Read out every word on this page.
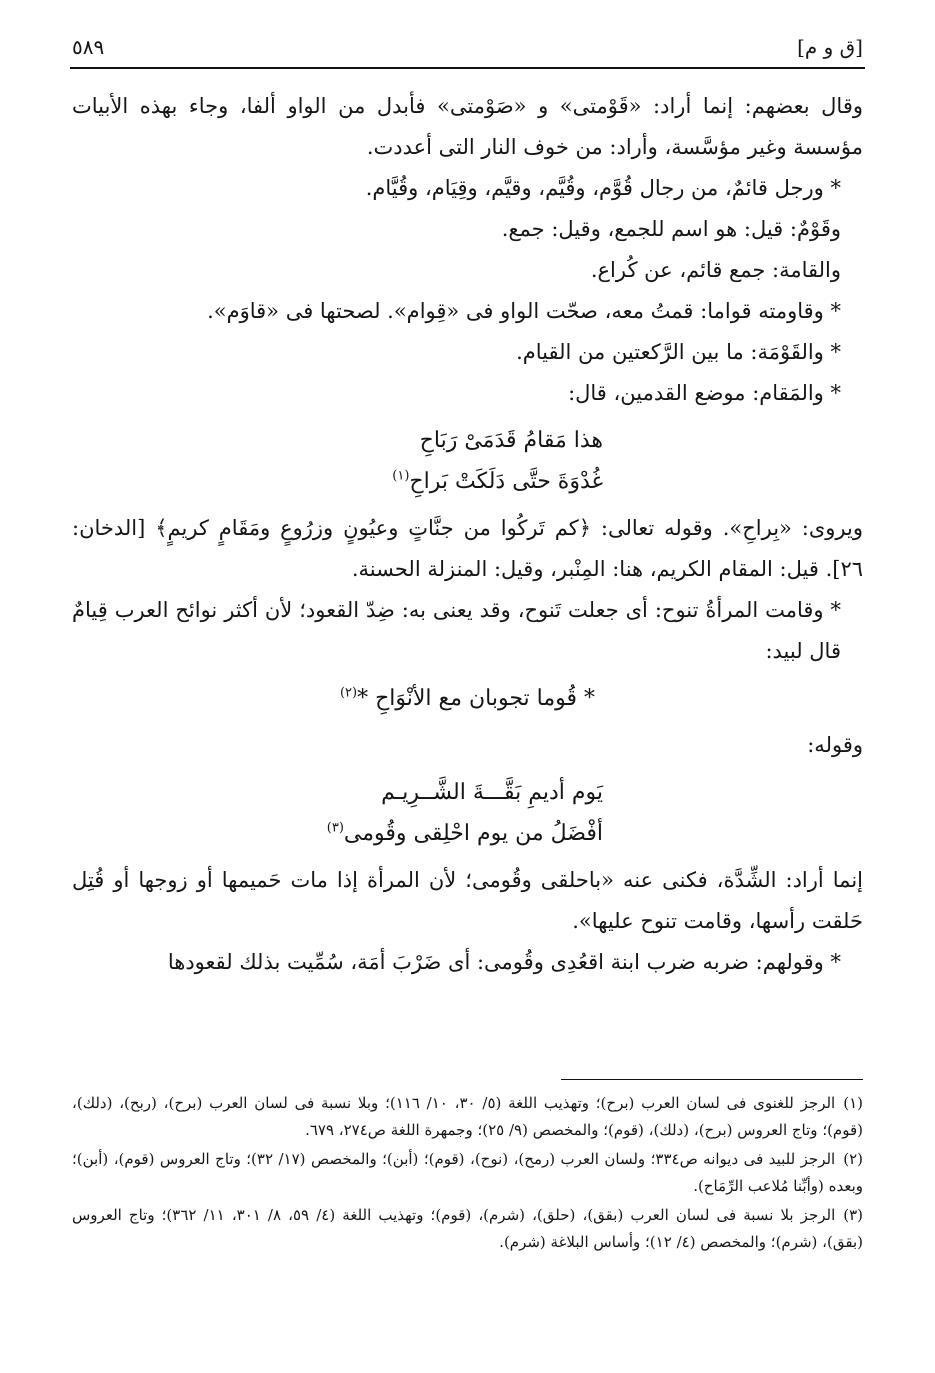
[ق و م]
٥٨٩

وقال بعضهم: إنما أراد: «قَوْمتى» و «صَوْمتى» فأبدل من الواو ألفا، وجاء بهذه الأبيات مؤسسة وغير مؤسَّسة، وأراد: من خوف النار التى أعددت.

* ورجل قائمٌ، من رجال قُوَّم، وقُيَّم، وقيَّم، وقِيَام، وقُيَّام.

وقَوْمٌ: قيل: هو اسم للجمع، وقيل: جمع.

والقامة: جمع قائم، عن كُراع.

* وقاومته قواما: قمتُ معه، صحّت الواو فى «قِوام». لصحتها فى «قاوَم».

* والقَوْمَة: ما بين الرَّكعتين من القيام.

* والمَقام: موضع القدمين، قال:

هذا مَقامُ قَدَمَىْ رَبَاحِ
غُدْوَةَ حتَّى دَلَكَتْ بَراحِ$^{(١)}$

ويروى: «بِراحِ». وقوله تعالى: ﴿كم تَركُوا من جنَّاتٍ وعيُونٍ وزرُوعٍ ومَقَامٍ كريمٍ﴾ [الدخان: ٢٦]. قيل: المقام الكريم، هنا: المِنْبر، وقيل: المنزلة الحسنة.

* وقامت المرأةُ تنوح: أى جعلت تَنوح، وقد يعنى به: ضِدّ القعود؛ لأن أكثر نوائح العرب قِيامٌ قال لبيد:

* قُوما تجوبان مع الأنْوَاحِ *$^{(٢)}$

وقوله:

يَوم أديمِ بَقَّـــةَ الشَّــرِيـم
أفْضَلُ من يوم احْلِقى وقُومى$^{(٣)}$

إنما أراد: الشِّدَّة، فكنى عنه «باحلقى وقُومى؛ لأن المرأة إذا مات حَميمها أو زوجها أو قُتِل حَلقت رأسها، وقامت تنوح عليها».

* وقولهم: ضربه ضرب ابنة اقعُدِى وقُومى: أى ضَرْبَ أمَة، سُمِّيت بذلك لقعودها

(١)الرجز للغنوى فى لسان العرب (برح)؛ وتهذيب اللغة (٥/ ٣٠، ١٠/ ١١٦)؛ وبلا نسبة فى لسان العرب (برح)، (ربح)، (دلك)، (قوم)؛ وتاج العروس (برح)، (دلك)، (قوم)؛ والمخصص (٩/ ٢٥)؛ وجمهرة اللغة ص٢٧٤، ٦٧٩.

(٢)الرجز للبيد فى ديوانه ص٣٣٤؛ ولسان العرب (رمح)، (نوح)، (قوم)؛ (أبن)؛ والمخصص (١٧/ ٣٢)؛ وتاج العروس (قوم)، (أبن)؛ وبعده (وأبِّنا مُلاعب الرِّمَاح).

(٣)الرجز بلا نسبة فى لسان العرب (بقق)، (حلق)، (شرم)، (قوم)؛ وتهذيب اللغة (٤/ ٥٩، ٨/ ٣٠١، ١١/ ٣٦٢)؛ وتاج العروس (بقق)، (شرم)؛ والمخصص (٤/ ١٢)؛ وأساس البلاغة (شرم).
